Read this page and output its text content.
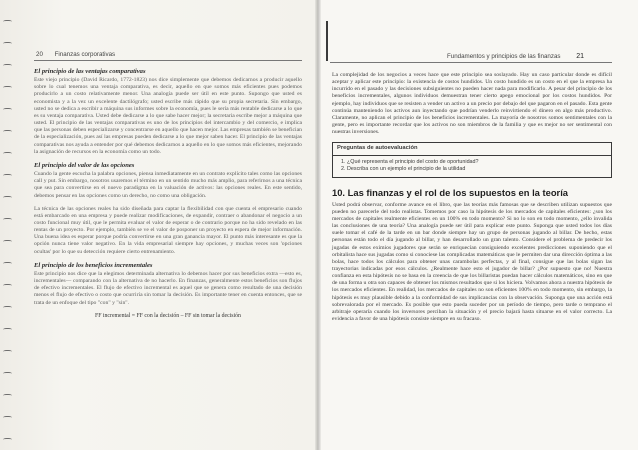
20 Finanzas corporativas	Fundamentos y principios de las finanzas 21
El principio de las ventajas comparativas

Este viejo principio (David Ricardo, 1772-1823) nos dice simplemente que debemos dedicarnos a producir aquello sobre lo cual tenemos una ventaja comparativa, es decir, aquello en que somos más eficientes pues podemos producirlo a un costo relativamente menor. Una analogía puede ser útil en este punto. Supongo que usted es economista y a la vez un excelente dactilógrafo; usted escribe más rápido que su propia secretaria. Sin embargo, usted no se dedica a escribir a máquina sus informes sobre la economía, pues le sería más rentable dedicarse a lo que es su ventaja comparativa. Usted debe dedicarse a lo que sabe hacer mejor; la secretaria escribe mejor a máquina que usted. El principio de las ventajas comparativas es uno de los principios del intercambio y del comercio, e implica que las personas deben especializarse y concentrarse en aquello que hacen mejor. Las empresas también se benefician de la especialización, pues así las empresas pueden dedicarse a lo que mejor saben hacer. El principio de las ventajas comparativas nos ayuda a entender por qué debemos dedicarnos a aquello en lo que somos más eficientes, mejorando la asignación de recursos en la economía como un todo.

El principio del valor de las opciones

Cuando la gente escucha la palabra opciones, piensa inmediatamente en un contrato explícito tales como las opciones call y put. Sin embargo, nosotros usaremos el término en un sentido mucho más amplio, para referirnos a una técnica que sea para convertirse en el nuevo paradigma en la valuación de activos: las opciones reales. En este sentido, debemos pensar en las opciones como un derecho, no como una obligación.

La técnica de las opciones reales ha sido diseñada para captar la flexibilidad con que cuenta el empresario cuando está embarcado en una empresa y puede realizar modificaciones, de expandir, contraer o abandonar el negocio a un costo funcional muy útil, que le permita evaluar el valor de esperar o de contrario porque no ha sido revelado en las rentas de un proyecto. Por ejemplo, también se ve el valor de posponer un proyecto en espera de mejor información. Una buena idea es esperar porque podría convertirse en una gran ganancia mayor. El punto más interesante es que la opción nunca tiene valor negativo. En la vida empresarial siempre hay opciones, y muchas veces son 'opciones ocultas' por lo que su detección requiere cierto entrenamiento.

El principio de los beneficios incrementales

Este principio nos dice que la elegimos determinada alternativa lo debemos hacer por sus beneficios extra —esto es, incrementales— comparando con la alternativa de no hacerlo. En finanzas, generalmente estos beneficios son flujos de efectivo incrementales. El flujo de efectivo incremental es aquel que se genera como resultado de una decisión menos el flujo de efectivo o costo que ocurriría sin tomar la decisión. Es importante tener en cuenta entonces, que se trata de un enfoque del tipo "con" y "sin".

FF incremental = FF con la decisión – FF sin tomar la decisión

La complejidad de los negocios a veces hace que este principio sea soslayado. Hay un caso particular donde es difícil aceptar y aplicar este principio: la existencia de costos hundidos. Un costo hundido es un costo en el que la empresa ha incurrido en el pasado y las decisiones subsiguientes no pueden hacer nada para modificarlo. A pesar del principio de los beneficios incrementales, algunos individuos demuestran tener cierto apego emocional por los costos hundidos. Por ejemplo, hay individuos que se resisten a vender un activo a un precio por debajo del que pagaron en el pasado. Esta gente continúa manteniendo los activos aun inyectando que podrían venderlo reinvirtiendo el dinero en algo más productivo. Claramente, no aplican el principio de los beneficios incrementales. La mayoría de nosotros somos sentimentales con la gente, pero es importante recordar que los activos no son miembros de la familia y que es mejor no ser sentimental con nuestras inversiones.

Preguntas de autoevaluación
1. ¿Qué representa el principio del costo de oportunidad?
2. Describa con un ejemplo el principio de la utilidad
10. Las finanzas y el rol de los supuestos en la teoría

Usted podrá observar, conforme avance en el libro, que las teorías más famosas que se describen utilizan supuestos que pueden no parecerle del todo realistas. Tomemos por caso la hipótesis de los mercados de capitales eficientes: ¿son los mercados de capitales realmente eficientes en un 100% en todo momento? Si no lo son en todo momento, ¿ello invalida las conclusiones de una teoría? Una analogía puede ser útil para explicar este punto. Suponga que usted todos los días suele tomar el café de la tarde en un bar donde siempre hay un grupo de personas jugando al billar. De hecho, estas personas están todo el día jugando al billar, y han desarrollado un gran talento. Considere el problema de predecir los jugadas de estos eximios jugadores que serán se enriquecían consiguiendo excelentes predicciones suponiendo que el orbitalista hace sus jugadas como si conociese las complicadas matemáticas que le permiten dar una dirección óptima a las bolas, hace todos los cálculos para obtener unas carambolas perfectas, y al final, consigue que las bolas sigan las trayectorias indicadas por esos cálculos. ¿Realmente hace esto el jugador de billar? ¿Por supuesto que no! Nuestra confianza en esta hipótesis no se basa en la creencia de que los billaristas puedan hacer cálculos matemáticos, sino en que de una forma u otra son capaces de obtener los mismos resultados que si los hiciera. Volvamos ahora a nuestra hipótesis de los mercados eficientes. En realidad, los mercados de capitales no son eficientes 100% en todo momento, sin embargo, la hipótesis es muy plausible debido a la conformidad de sus implicancias con la observación. Suponga que una acción está sobrevalorada por el mercado. Es posible que esto pueda suceder por un período de tiempo, pero tarde o temprano el arbitraje operaría cuando los inversores perciban la situación y el precio bajará hasta situarse en el valor correcto. La evidencia a favor de una hipótesis consiste siempre en su fracaso.
